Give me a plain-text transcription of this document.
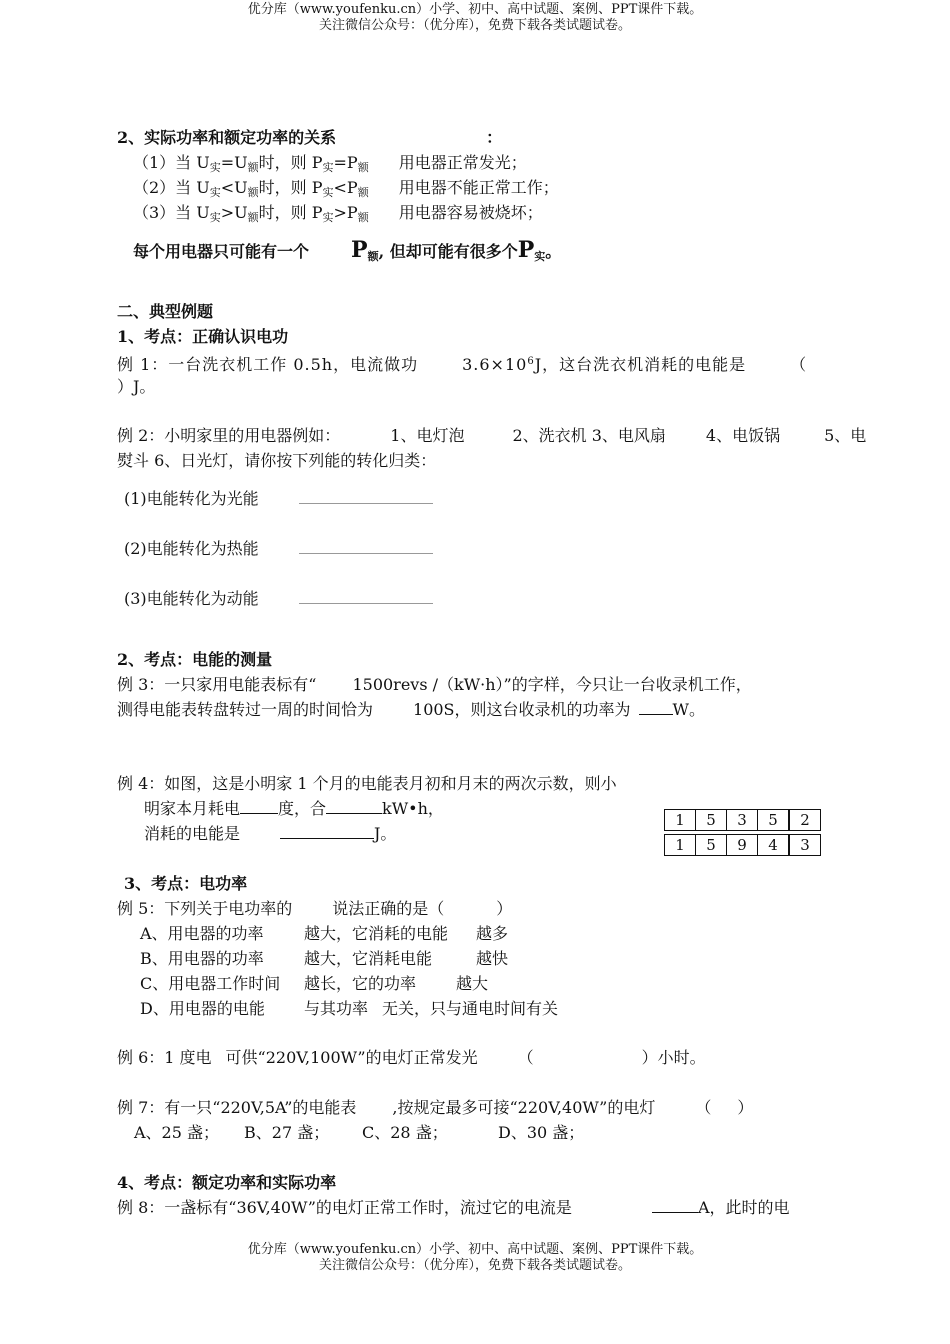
优分库（www.youfenku.cn）小学、初中、高中试题、案例、PPT课件下载。
关注微信公众号：（优分库），免费下载各类试题试卷。
2、实际功率和额定功率的关系	：
（1）当 $U_实=U_额$时，则 $P_实=P_额$ 用电器正常发光；
（2）当 $U_实<U_额$时，则 $P_实<P_额$ 用电器不能正常工作；
（3）当 $U_实>U_额$时，则 $P_实>P_额$ 用电器容易被烧坏；
每个用电器只可能有一个 $P_额$, 但却可能有很多个$P_实$。
二、典型例题
1、考点：正确认识电功
例 1：一台洗衣机工作 0.5h，电流做功	$3.6\times 10^6J$，这台洗衣机消耗的电能是	（
）J。
例 2：小明家里的用电器例如：	1、电灯泡	2、洗衣机 3、电风扇	4、电饭锅	5、电
熨斗 6、日光灯，请你按下列能的转化归类：
(1)电能转化为光能
(2)电能转化为热能
(3)电能转化为动能
2、考点：电能的测量
例 3：一只家用电能表标有“ 1500revs /（kW·h）”的字样，今只让一台收录机工作，
测得电能表转盘转过一周的时间恰为	100S，则这台收录机的功率为	W。
例 4：如图，这是小明家 1 个月的电能表月初和月末的两次示数，则小
明家本月耗电 度，合	kW•h，
消耗的电能是	J。
1	5	3	5	2
1	5	9	4	3
3、考点：电功率
例 5：下列关于电功率的	说法正确的是（	）
A、用电器的功率	越大，它消耗的电能 越多
B、用电器的功率	越大，它消耗电能	越快
C、用电器工作时间 越长，它的功率 越大
D、用电器的电能 与其功率 无关，只与通电时间有关
例 6：1 度电 可供“220V,100W”的电灯正常发光	（	）小时。
例 7：有一只“220V,5A”的电能表 ,按规定最多可接“220V,40W”的电灯	（ ）
A、25 盏； B、27 盏； C、28 盏；	D、30 盏；
4、考点：额定功率和实际功率
例 8：一盏标有“36V,40W”的电灯正常工作时，流过它的电流是	A，此时的电
优分库（www.youfenku.cn）小学、初中、高中试题、案例、PPT课件下载。
关注微信公众号：（优分库），免费下载各类试题试卷。
